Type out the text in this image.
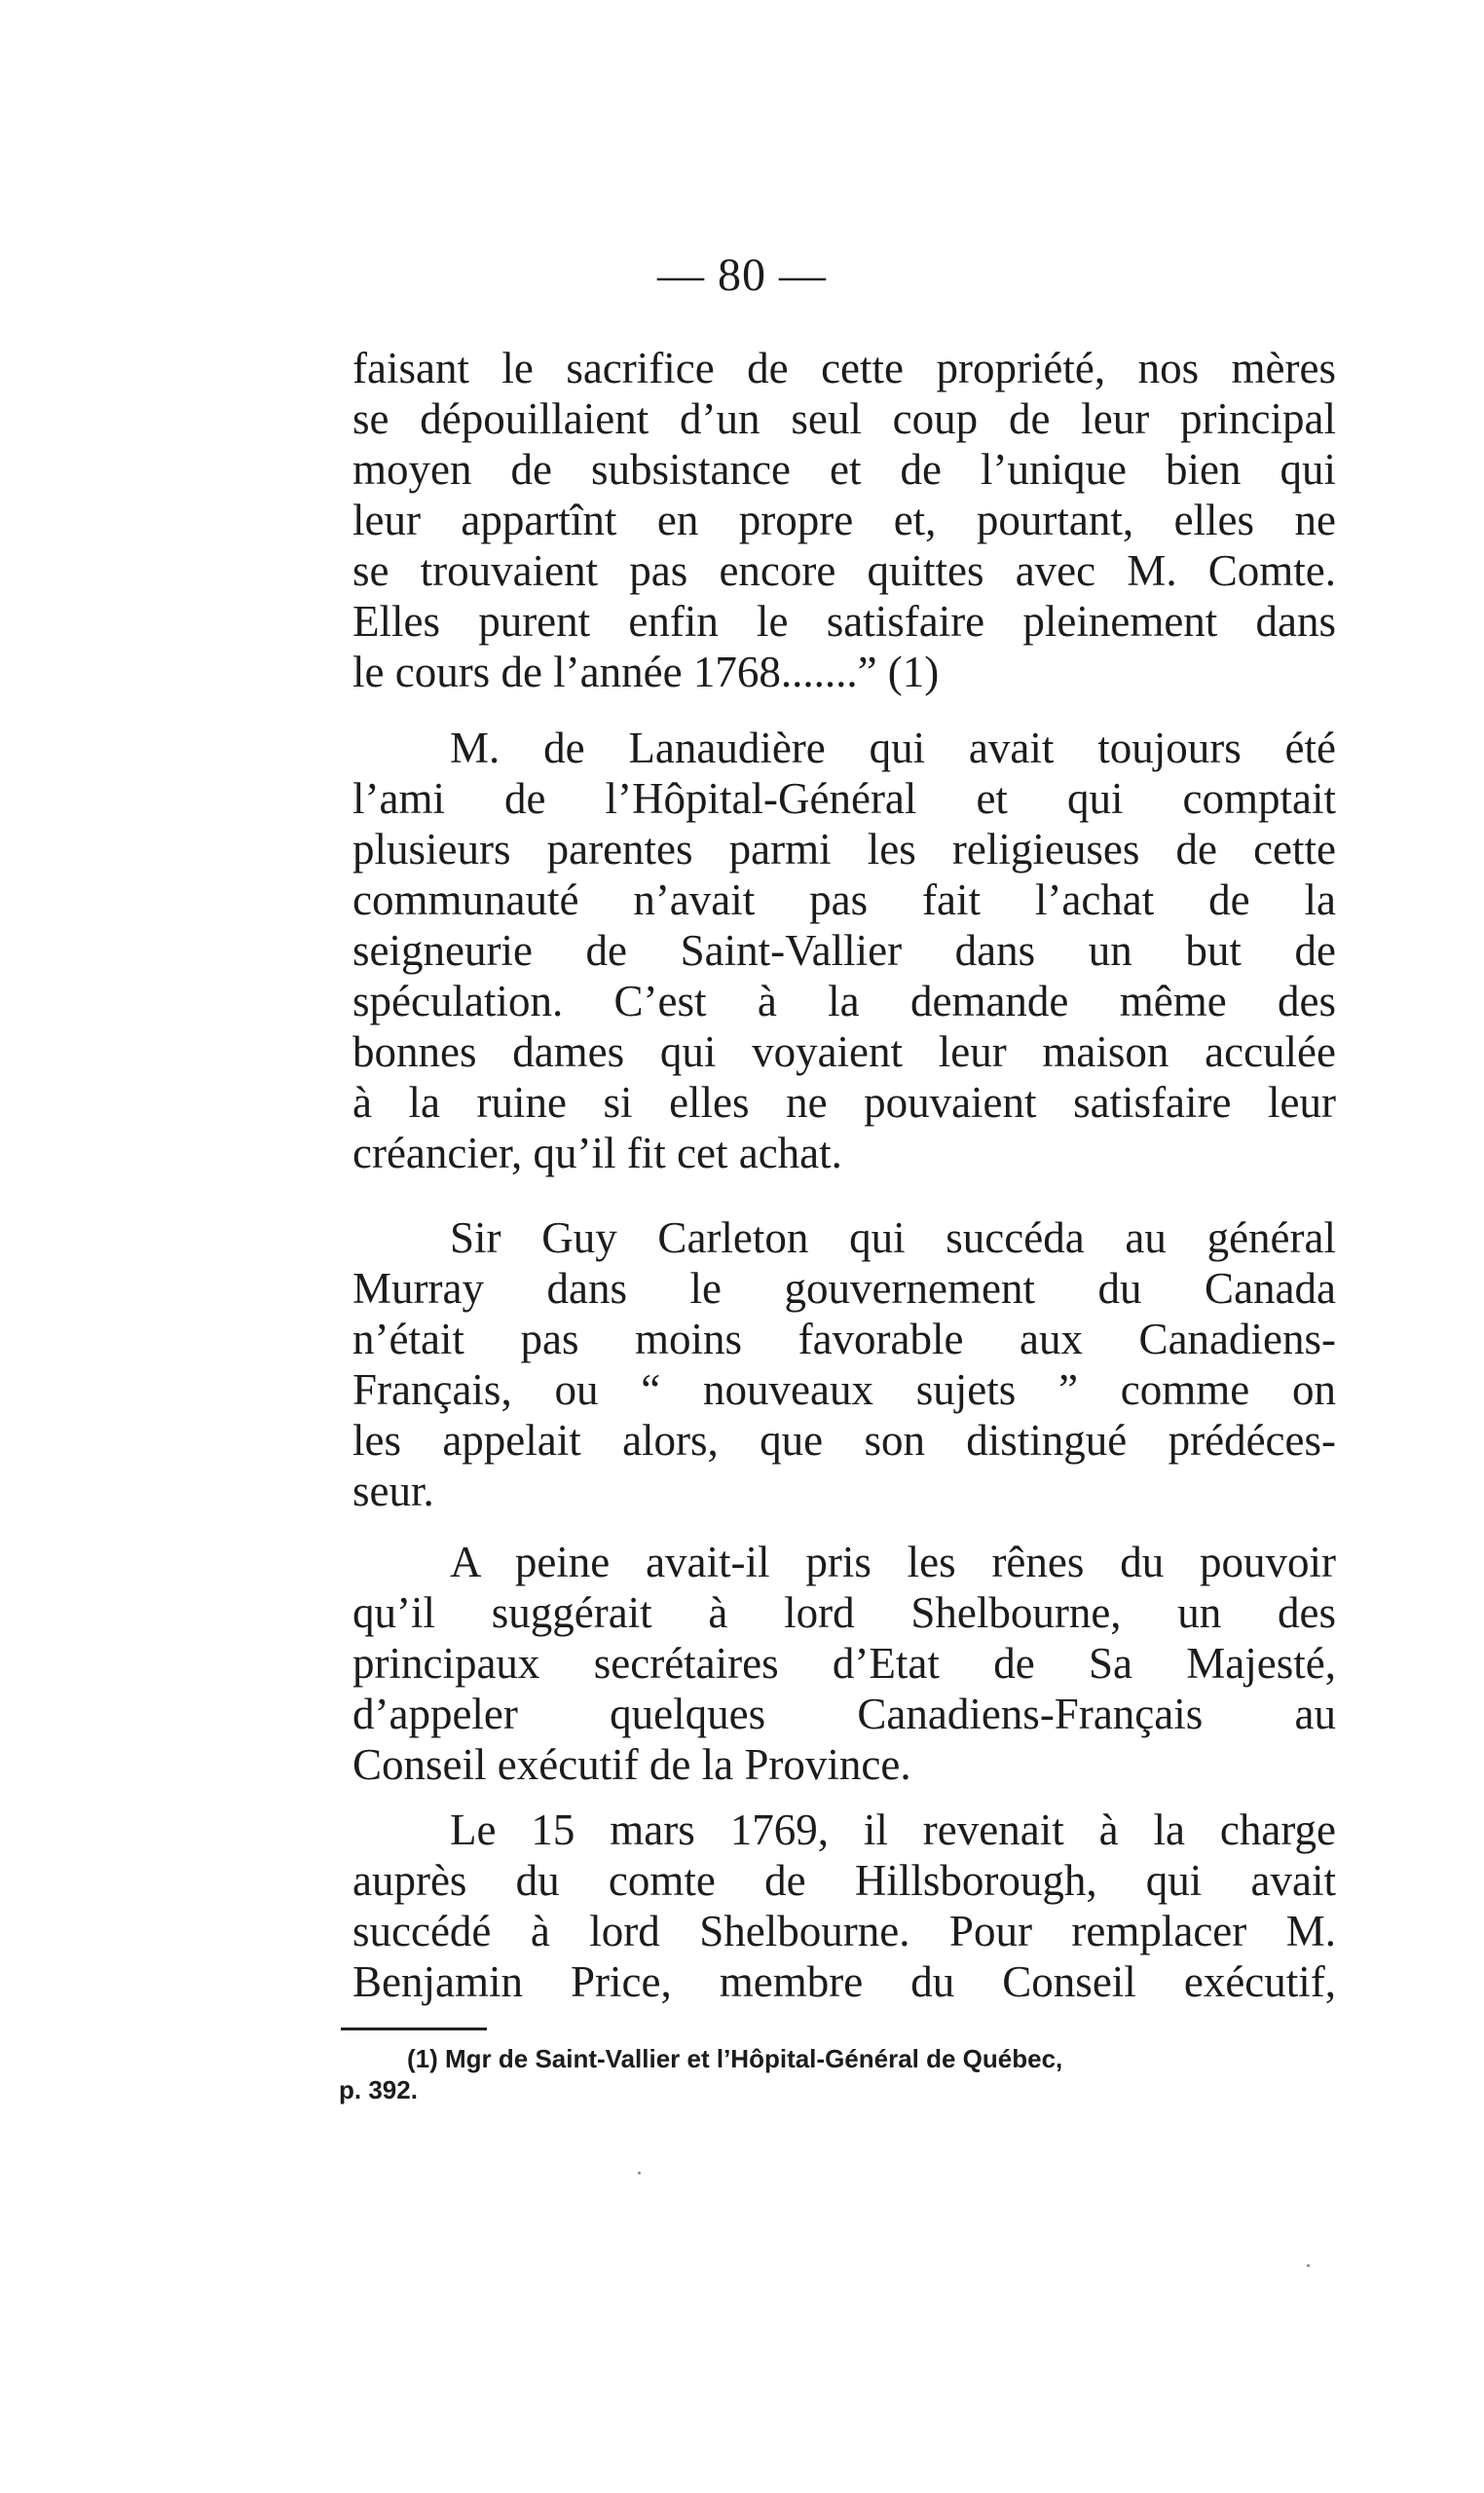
— 80 —
faisant le sacrifice de cette propriété, nos mères
se dépouillaient d’un seul coup de leur principal
moyen de subsistance et de l’unique bien qui
leur appartînt en propre et, pourtant, elles ne
se trouvaient pas encore quittes avec M. Comte.
Elles purent enfin le satisfaire pleinement dans
le cours de l’année 1768.......” (1)
M. de Lanaudière qui avait toujours été
l’ami de l’Hôpital-Général et qui comptait
plusieurs parentes parmi les religieuses de cette
communauté n’avait pas fait l’achat de la
seigneurie de Saint-Vallier dans un but de
spéculation. C’est à la demande même des
bonnes dames qui voyaient leur maison acculée
à la ruine si elles ne pouvaient satisfaire leur
créancier, qu’il fit cet achat.
Sir Guy Carleton qui succéda au général
Murray dans le gouvernement du Canada
n’était pas moins favorable aux Canadiens-
Français, ou “ nouveaux sujets ” comme on
les appelait alors, que son distingué prédéces-
seur.
A peine avait-il pris les rênes du pouvoir
qu’il suggérait à lord Shelbourne, un des
principaux secrétaires d’Etat de Sa Majesté,
d’appeler quelques Canadiens-Français au
Conseil exécutif de la Province.
Le 15 mars 1769, il revenait à la charge
auprès du comte de Hillsborough, qui avait
succédé à lord Shelbourne. Pour remplacer M.
Benjamin Price, membre du Conseil exécutif,
(1) Mgr de Saint-Vallier et l’Hôpital-Général de Québec,
p. 392.
